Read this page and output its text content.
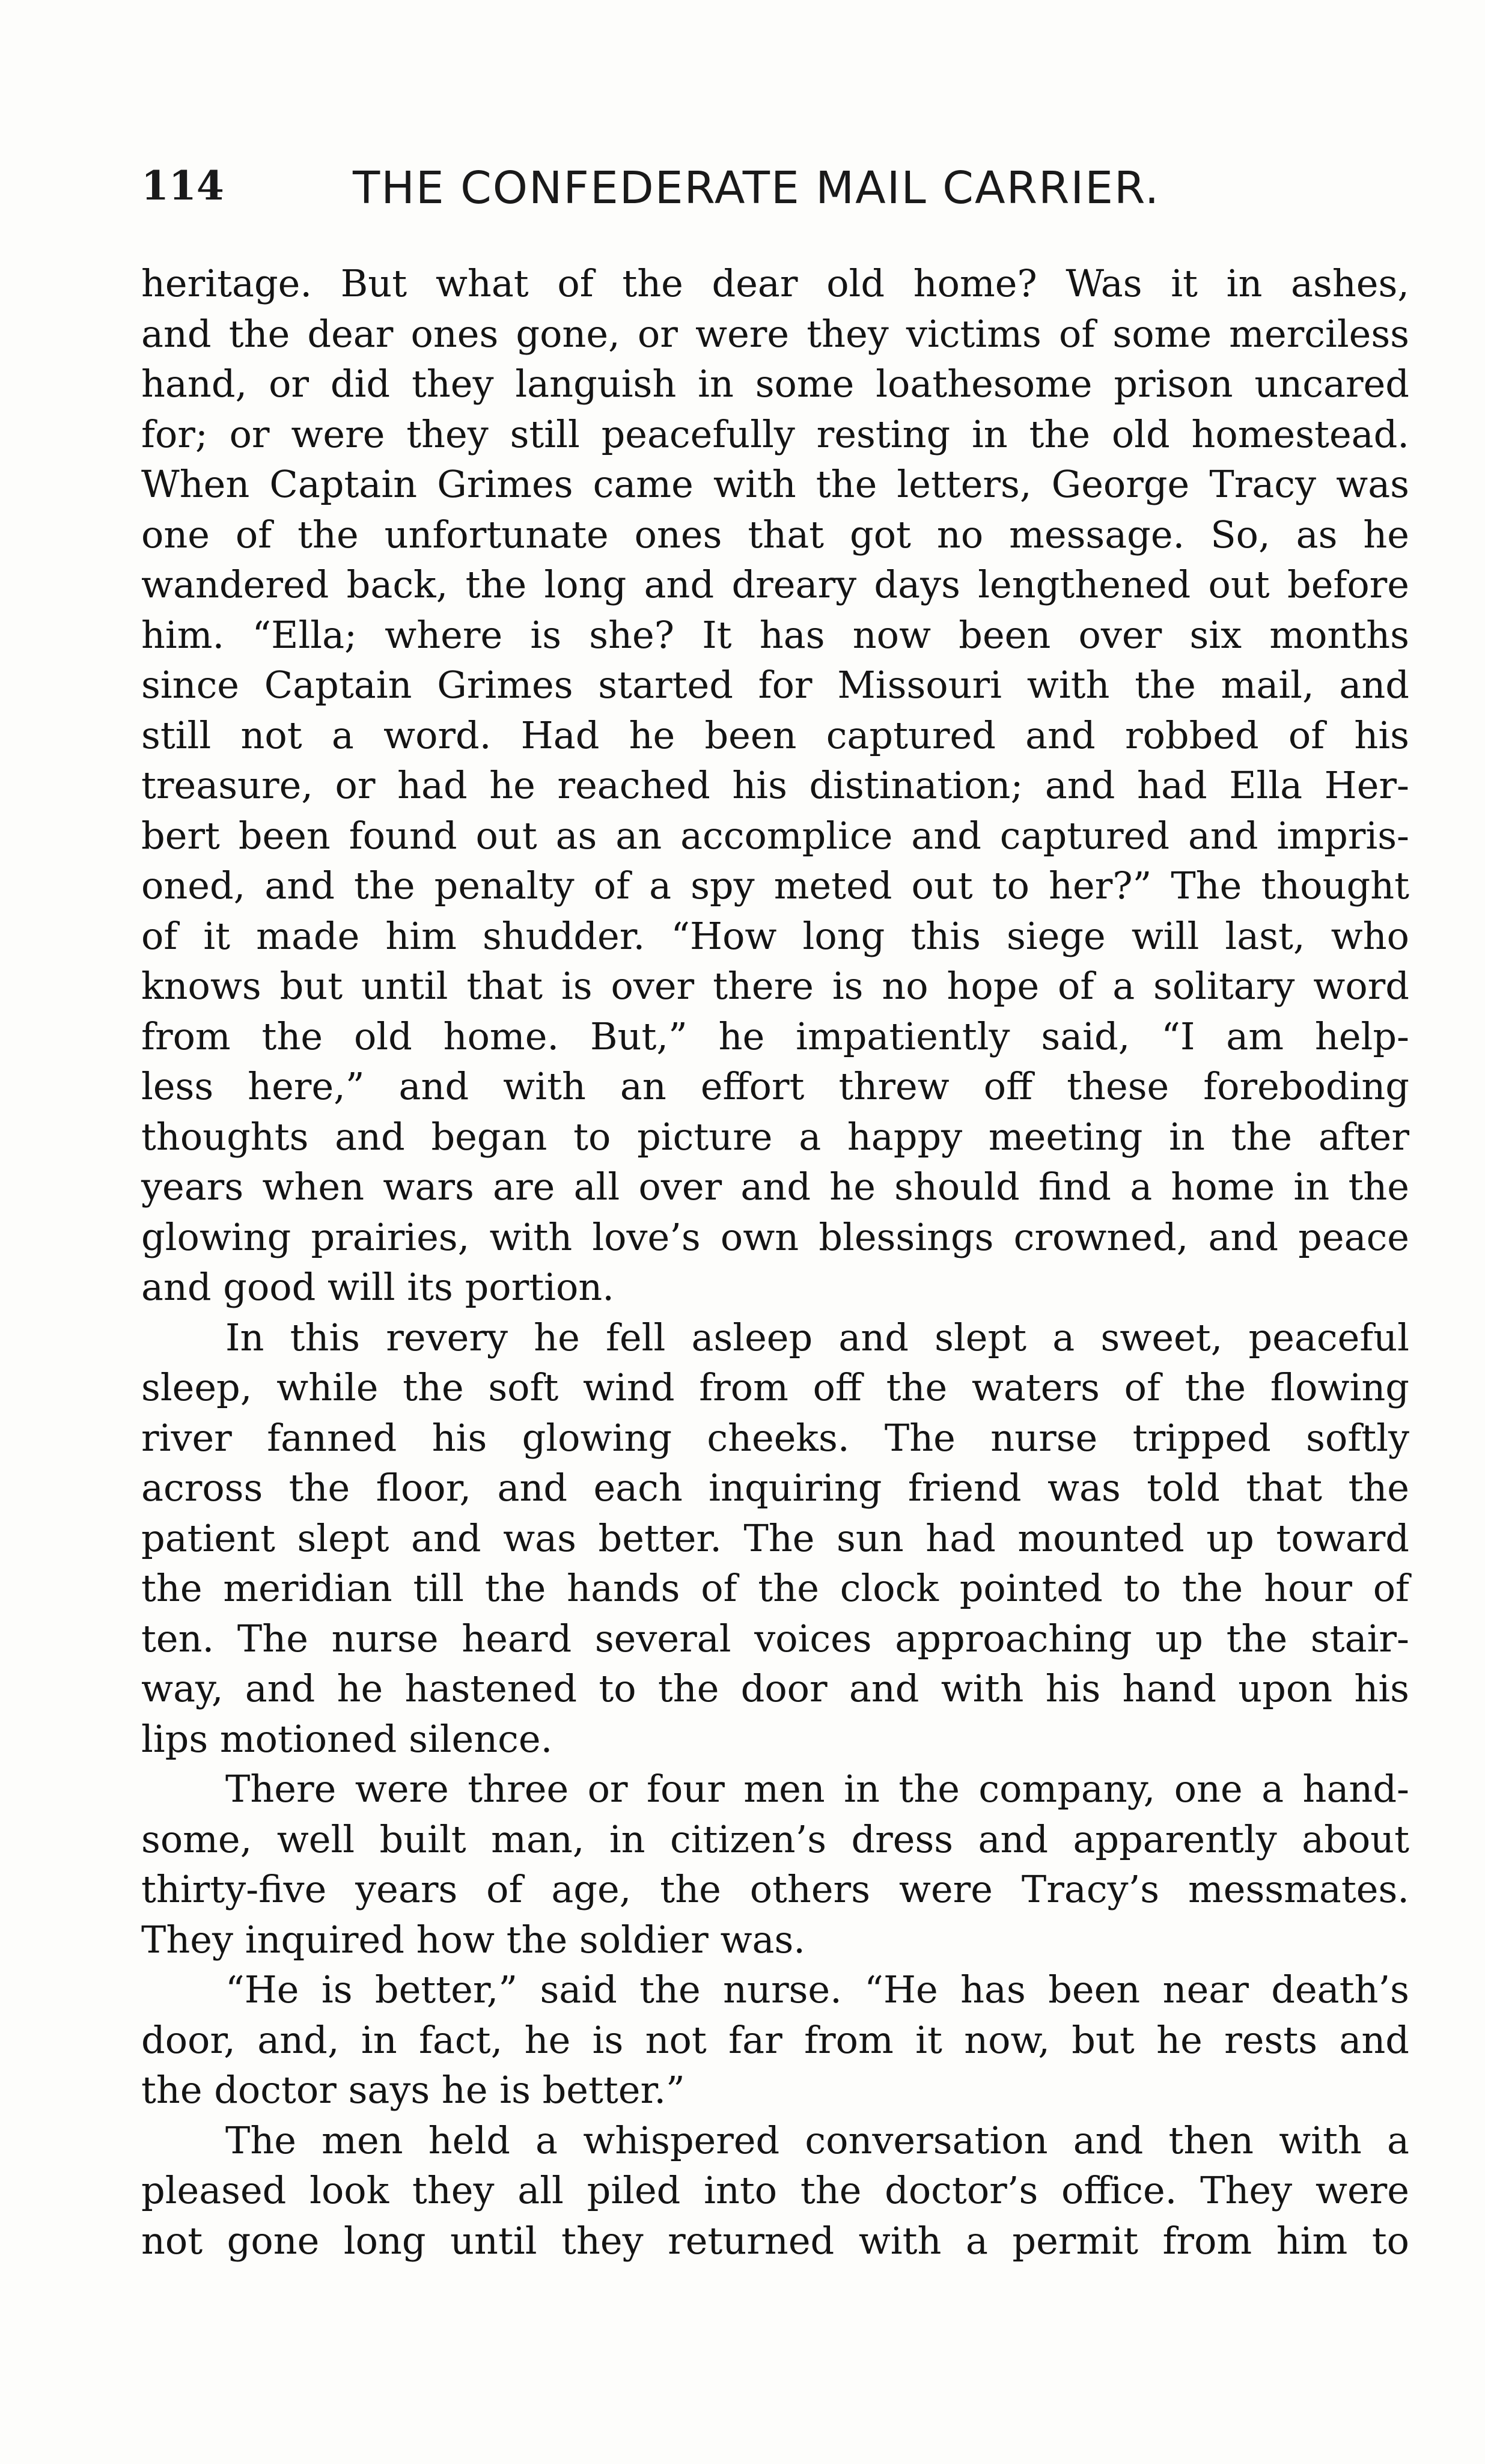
114	THE CONFEDERATE MAIL CARRIER.
heritage. But what of the dear old home? Was it in ashes,
and the dear ones gone, or were they victims of some merciless
hand, or did they languish in some loathesome prison uncared
for; or were they still peacefully resting in the old homestead.
When Captain Grimes came with the letters, George Tracy was
one of the unfortunate ones that got no message. So, as he
wandered back, the long and dreary days lengthened out before
him. “Ella; where is she? It has now been over six months
since Captain Grimes started for Missouri with the mail, and
still not a word. Had he been captured and robbed of his
treasure, or had he reached his distination; and had Ella Her-
bert been found out as an accomplice and captured and impris-
oned, and the penalty of a spy meted out to her?” The thought
of it made him shudder. “How long this siege will last, who
knows but until that is over there is no hope of a solitary word
from the old home. But,” he impatiently said, “I am help-
less here,” and with an effort threw off these foreboding
thoughts and began to picture a happy meeting in the after
years when wars are all over and he should find a home in the
glowing prairies, with love’s own blessings crowned, and peace
and good will its portion.
In this revery he fell asleep and slept a sweet, peaceful
sleep, while the soft wind from off the waters of the flowing
river fanned his glowing cheeks. The nurse tripped softly
across the floor, and each inquiring friend was told that the
patient slept and was better. The sun had mounted up toward
the meridian till the hands of the clock pointed to the hour of
ten. The nurse heard several voices approaching up the stair-
way, and he hastened to the door and with his hand upon his
lips motioned silence.
There were three or four men in the company, one a hand-
some, well built man, in citizen’s dress and apparently about
thirty-five years of age, the others were Tracy’s messmates.
They inquired how the soldier was.
“He is better,” said the nurse. “He has been near death’s
door, and, in fact, he is not far from it now, but he rests and
the doctor says he is better.”
The men held a whispered conversation and then with a
pleased look they all piled into the doctor’s office. They were
not gone long until they returned with a permit from him to
